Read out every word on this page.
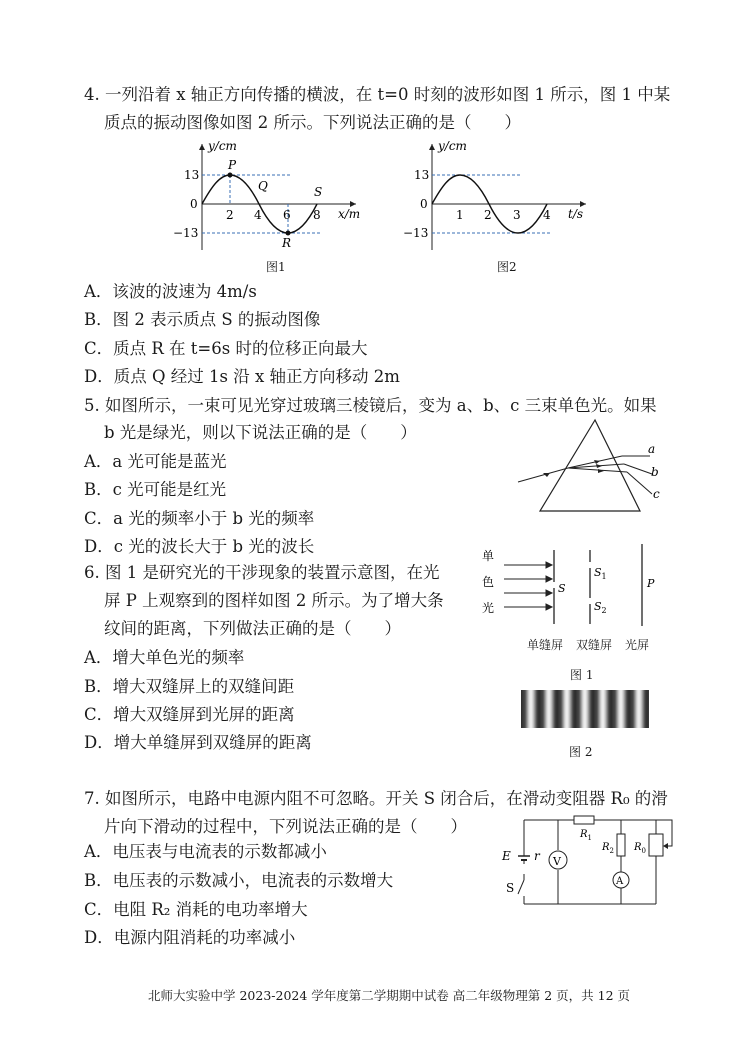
4. 一列沿着 x 轴正方向传播的横波，在 t=0 时刻的波形如图 1 所示，图 1 中某
质点的振动图像如图 2 所示。下列说法正确的是（　　）
y/cm
x/m
13
0
−13
2 4 6 8
P
Q
R
S
图1
y/cm
t/s
13
0
−13
1 2 3 4
图2
A．该波的波速为 4m/s
B．图 2 表示质点 S 的振动图像
C．质点 R 在 t=6s 时的位移正向最大
D．质点 Q 经过 1s 沿 x 轴正方向移动 2m
5. 如图所示，一束可见光穿过玻璃三棱镜后，变为 a、b、c 三束单色光。如果
b 光是绿光，则以下说法正确的是（　　）
a
b
c
A．a 光可能是蓝光
B．c 光可能是红光
C．a 光的频率小于 b 光的频率
D．c 光的波长大于 b 光的波长
6. 图 1 是研究光的干涉现象的装置示意图，在光
屏 P 上观察到的图样如图 2 所示。为了增大条
纹间的距离，下列做法正确的是（　　）
单
色
光
S
$S_1$
$S_2$
P
单缝屏 双缝屏 光屏
图 1
图 2
A．增大单色光的频率
B．增大双缝屏上的双缝间距
C．增大双缝屏到光屏的距离
D．增大单缝屏到双缝屏的距离
7. 如图所示，电路中电源内阻不可忽略。开关 S 闭合后，在滑动变阻器 R₀ 的滑
片向下滑动的过程中，下列说法正确的是（　　）
V
A
E r
S
$R_1$
$R_2$ $R_0$
A．电压表与电流表的示数都减小
B．电压表的示数减小，电流表的示数增大
C．电阻 R₂ 消耗的电功率增大
D．电源内阻消耗的功率减小
北师大实验中学 2023-2024 学年度第二学期期中试卷 高二年级物理第 2 页，共 12 页
